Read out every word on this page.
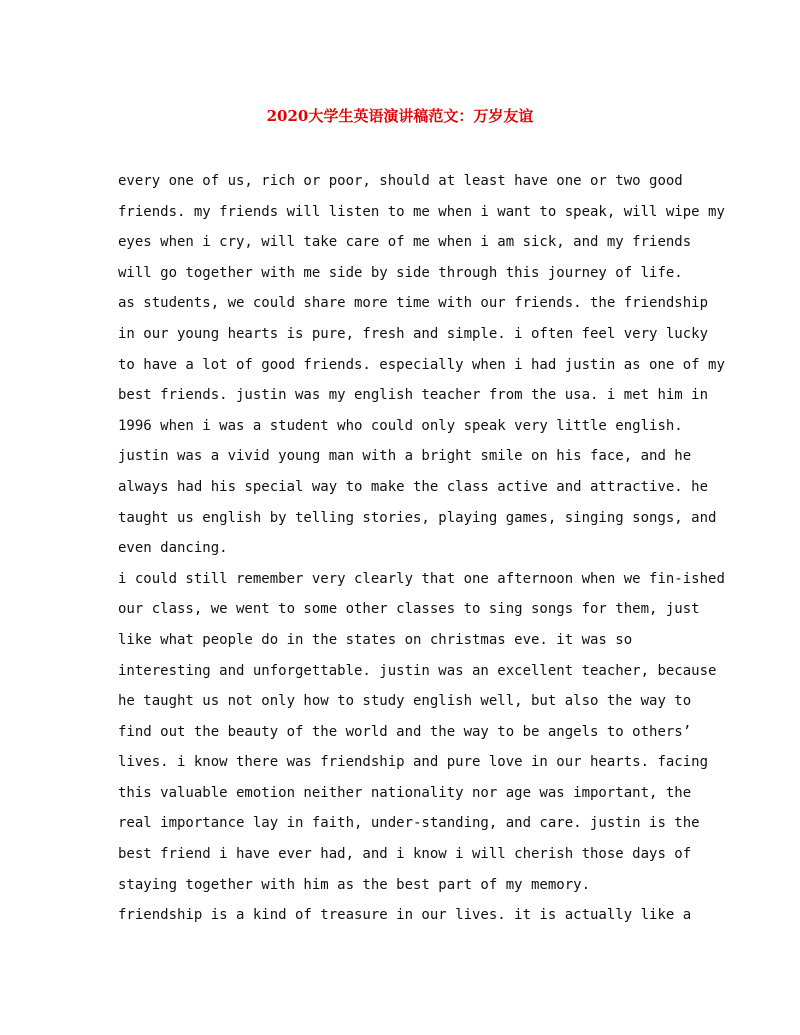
2020大学生英语演讲稿范文：万岁友谊
every one of us, rich or poor, should at least have one or two good
friends. my friends will listen to me when i want to speak, will wipe my
eyes when i cry, will take care of me when i am sick, and my friends
will go together with me side by side through this journey of life.
as students, we could share more time with our friends. the friendship
in our young hearts is pure, fresh and simple. i often feel very lucky
to have a lot of good friends. especially when i had justin as one of my
best friends. justin was my english teacher from the usa. i met him in
1996 when i was a student who could only speak very little english.
justin was a vivid young man with a bright smile on his face, and he
always had his special way to make the class active and attractive. he
taught us english by telling stories, playing games, singing songs, and
even dancing.
i could still remember very clearly that one afternoon when we fin-ished
our class, we went to some other classes to sing songs for them, just
like what people do in the states on christmas eve. it was so
interesting and unforgettable. justin was an excellent teacher, because
he taught us not only how to study english well, but also the way to
find out the beauty of the world and the way to be angels to others’
lives. i know there was friendship and pure love in our hearts. facing
this valuable emotion neither nationality nor age was important, the
real importance lay in faith, under-standing, and care. justin is the
best friend i have ever had, and i know i will cherish those days of
staying together with him as the best part of my memory.
friendship is a kind of treasure in our lives. it is actually like a
